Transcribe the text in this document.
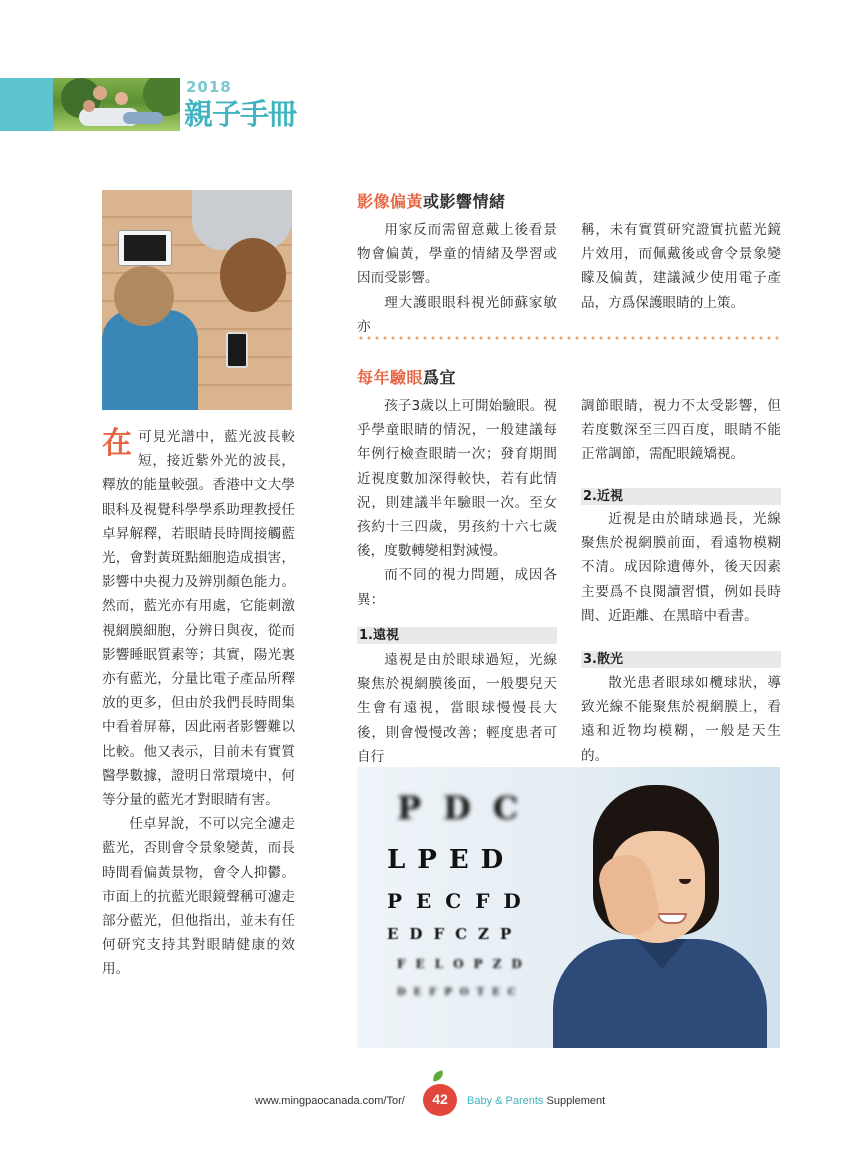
2018
親子手冊

在可見光譜中，藍光波長較短，接近紫外光的波長，釋放的能量較强。香港中文大學眼科及視覺科學學系助理教授任卓昇解釋，若眼睛長時間接觸藍光，會對黃斑點細胞造成損害，影響中央視力及辨別顏色能力。然而，藍光亦有用處，它能刺激視網膜細胞，分辨日與夜，從而影響睡眠質素等；其實，陽光裏亦有藍光，分量比電子產品所釋放的更多，但由於我們長時間集中看着屏幕，因此兩者影響難以比較。他又表示，目前未有實質醫學數據，證明日常環境中，何等分量的藍光才對眼睛有害。

任卓昇說，不可以完全濾走藍光，否則會令景象變黃，而長時間看偏黃景物，會令人抑鬱。市面上的抗藍光眼鏡聲稱可濾走部分藍光，但他指出，並未有任何研究支持其對眼睛健康的效用。

影像偏黃或影響情緒

用家反而需留意戴上後看景物會偏黃，學童的情緒及學習或因而受影響。

理大護眼眼科視光師蘇家敏亦

稱，未有實質研究證實抗藍光鏡片效用，而佩戴後或會令景象變矇及偏黃，建議減少使用電子產品，方爲保護眼睛的上策。

每年驗眼爲宜

孩子3歲以上可開始驗眼。視乎學童眼睛的情況，一般建議每年例行檢查眼睛一次；發育期間近視度數加深得較快，若有此情況，則建議半年驗眼一次。至女孩約十三四歲，男孩約十六七歲後，度數轉變相對減慢。

而不同的視力問題，成因各異：

1.遠視

遠視是由於眼球過短，光線聚焦於視網膜後面，一般嬰兒天生會有遠視，當眼球慢慢長大後，則會慢慢改善；輕度患者可自行

調節眼睛，視力不太受影響，但若度數深至三四百度，眼睛不能正常調節，需配眼鏡矯視。

2.近視

近視是由於睛球過長，光線聚焦於視網膜前面，看遠物模糊不清。成因除遺傳外，後天因素主要爲不良閱讀習慣，例如長時間、近距離、在黑暗中看書。

3.散光

散光患者眼球如欖球狀，導致光線不能聚焦於視網膜上，看遠和近物均模糊，一般是天生的。

PDC
LPED
PECFD
EDFCZP
FELOPZD
DEFPOTEC
www.mingpaocanada.com/Tor/	42	Baby & Parents Supplement
